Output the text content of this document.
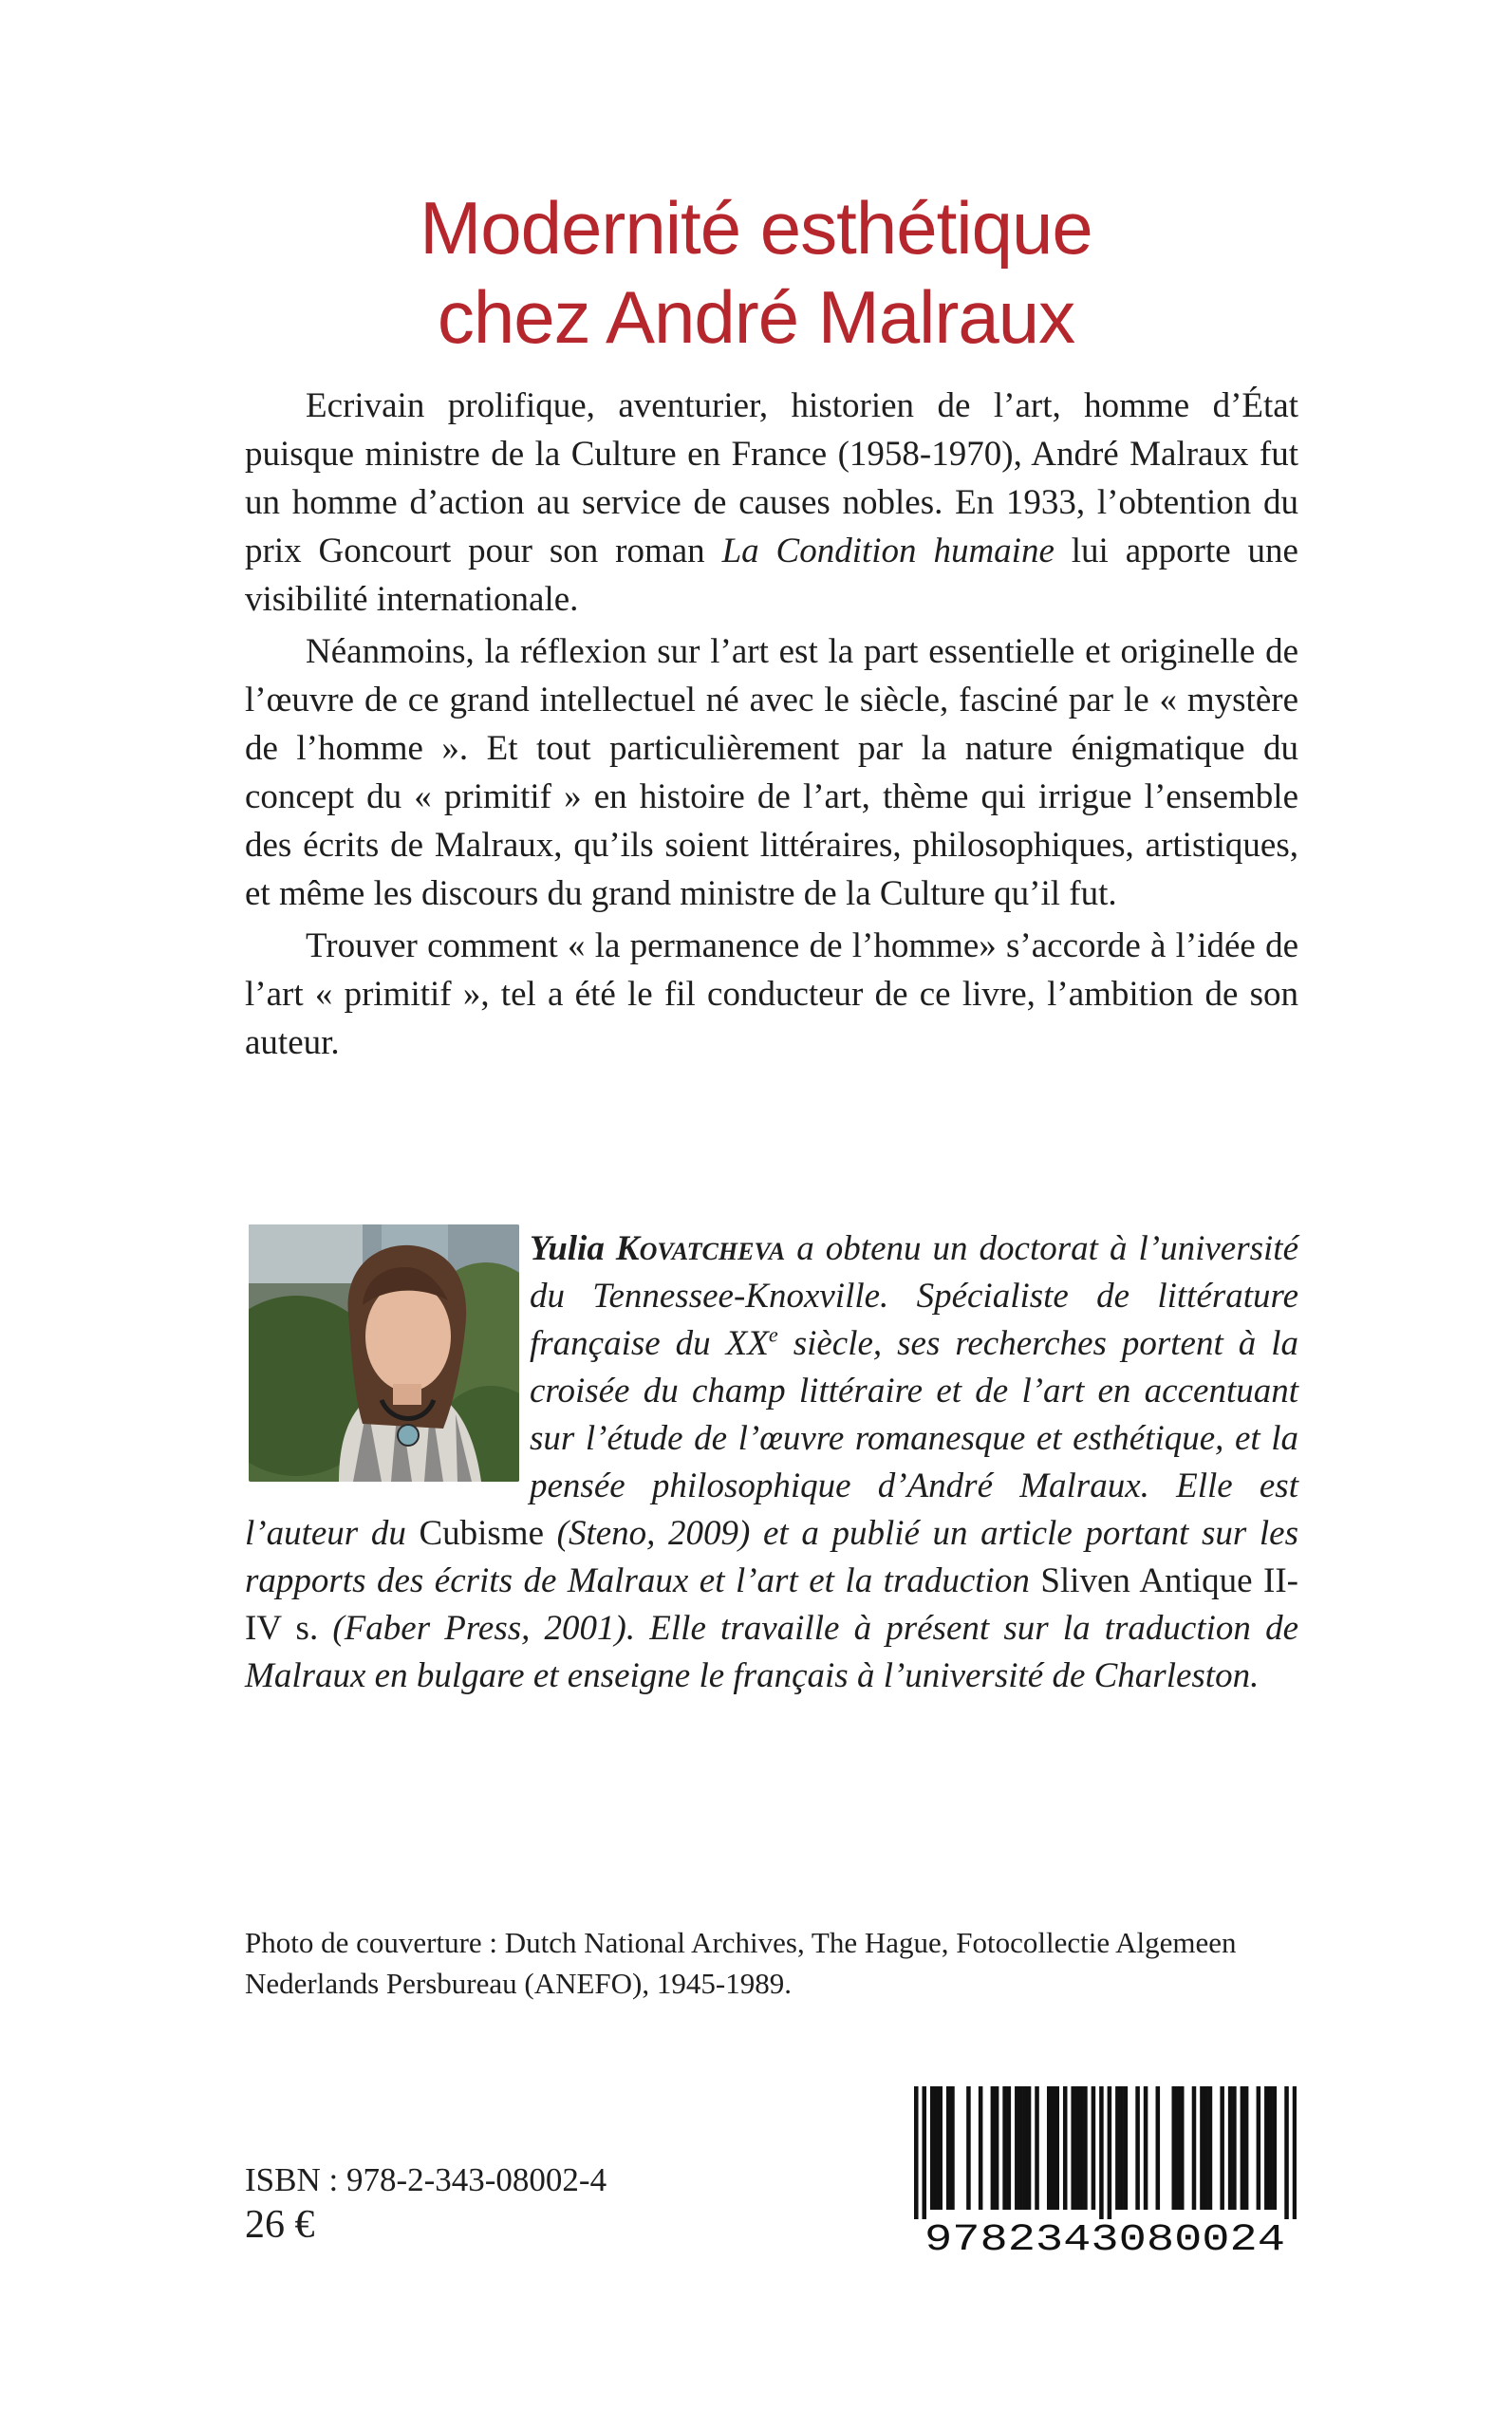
Modernité esthétique
chez André Malraux

Ecrivain prolifique, aventurier, historien de l’art, homme d’État puisque ministre de la Culture en France (1958-1970), André Malraux fut un homme d’action au service de causes nobles. En 1933, l’obtention du prix Goncourt pour son roman La Condition humaine lui apporte une visibilité internationale.

Néanmoins, la réflexion sur l’art est la part essentielle et originelle de l’œuvre de ce grand intellectuel né avec le siècle, fasciné par le « mystère de l’homme ». Et tout particulièrement par la nature énigmatique du concept du « primitif » en histoire de l’art, thème qui irrigue l’ensemble des écrits de Malraux, qu’ils soient littéraires, philosophiques, artistiques, et même les discours du grand ministre de la Culture qu’il fut.

Trouver comment « la permanence de l’homme» s’accorde à l’idée de l’art « primitif », tel a été le fil conducteur de ce livre, l’ambition de son auteur.

Yulia Kovatcheva a obtenu un doctorat à l’université du Tennessee-Knoxville. Spécialiste de littérature française du XXe siècle, ses recherches portent à la croisée du champ littéraire et de l’art en accentuant sur l’étude de l’œuvre romanesque et esthétique, et la pensée philosophique d’André Malraux. Elle est l’auteur du Cubisme (Steno, 2009) et a publié un article portant sur les rapports des écrits de Malraux et l’art et la traduction Sliven Antique II-IV s. (Faber Press, 2001). Elle travaille à présent sur la traduction de Malraux en bulgare et enseigne le français à l’université de Charleston.
Photo de couverture : Dutch National Archives, The Hague, Fotocollectie Algemeen Nederlands Persbureau (ANEFO), 1945-1989.
ISBN : 978-2-343-08002-4
26 €	9782343080024
